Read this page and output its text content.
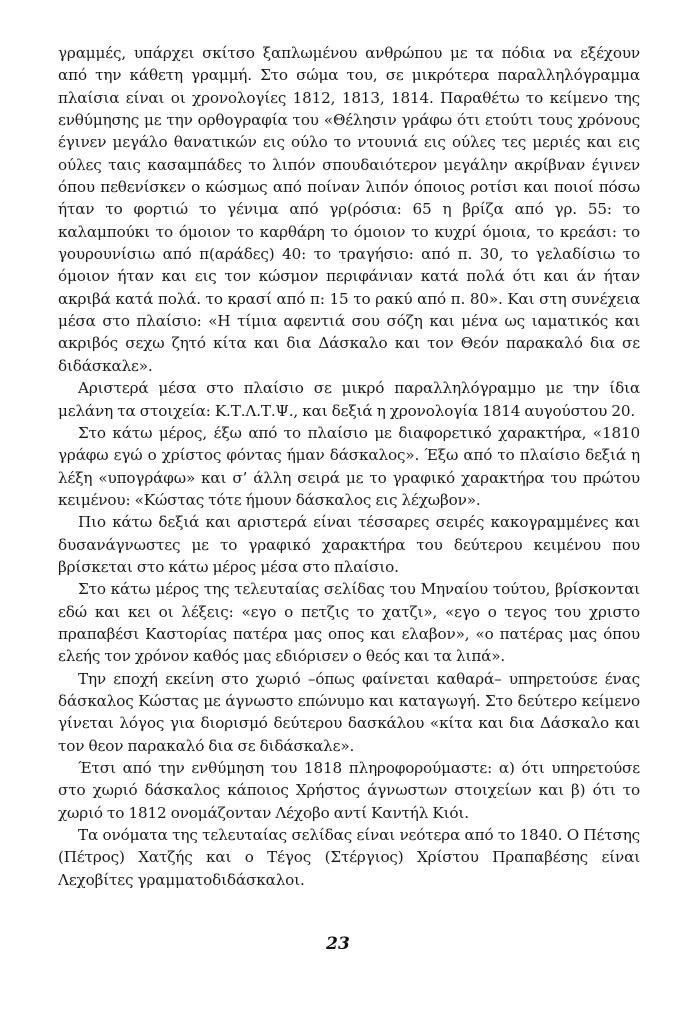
γραμμές, υπάρχει σκίτσο ξαπλωμένου ανθρώπου με τα πόδια να εξέχουν από την κάθετη γραμμή. Στο σώμα του, σε μικρότερα παραλληλόγραμμα πλαίσια είναι οι χρονολογίες 1812, 1813, 1814. Παραθέτω το κείμενο της ενθύμησης με την ορθογραφία του «Θέλησιν γράφω ότι ετούτι τους χρόνους έγινεν μεγάλο θανατικών εις ούλο το ντουνιά εις ούλες τες μεριές και εις ούλες ταις κασαμπάδες το λιπόν σπουδαιότερον μεγάλην ακρίβναν έγινεν όπου πεθενίσκεν ο κώσμως από ποίναν λιπόν όποιος ροτίσι και ποιοί πόσω ήταν το φορτιώ το γένιμα από γρ(ρόσια: 65 η βρίζα από γρ. 55: το καλαμπούκι το όμοιον το καρθάρη το όμοιον το κυχρί όμοια, το κρεάσι: το γουρουνίσιω από π(αράδες) 40: το τραγήσιο: από π. 30, το γελαδίσιω το όμοιον ήταν και εις τον κώσμον περιφάνιαν κατά πολά ότι και άν ήταν ακριβά κατά πολά. το κρασί από π: 15 το ρακύ από π. 80». Και στη συνέχεια μέσα στο πλαίσιο: «Η τίμια αφεντιά σου σόζη και μένα ως ιαματικός και ακριβός σεχω ζητό κίτα και δια Δάσκαλο και τον Θεόν παρακαλό δια σε διδάσκαλε».

Αριστερά μέσα στο πλαίσιο σε μικρό παραλληλόγραμμο με την ίδια μελάνη τα στοιχεία: Κ.Τ.Λ.Τ.Ψ., και δεξιά η χρονολογία 1814 αυγούστου 20.

Στο κάτω μέρος, έξω από το πλαίσιο με διαφορετικό χαρακτήρα, «1810 γράφω εγώ ο χρίστος φόντας ήμαν δάσκαλος». Έξω από το πλαίσιο δεξιά η λέξη «υπογράφω» και σ’ άλλη σειρά με το γραφικό χαρακτήρα του πρώτου κειμένου: «Κώστας τότε ήμουν δάσκαλος εις λέχωβον».

Πιο κάτω δεξιά και αριστερά είναι τέσσαρες σειρές κακογραμμένες και δυσανάγνωστες με το γραφικό χαρακτήρα του δεύτερου κειμένου που βρίσκεται στο κάτω μέρος μέσα στο πλαίσιο.

Στο κάτω μέρος της τελευταίας σελίδας του Μηναίου τούτου, βρίσκονται εδώ και κει οι λέξεις: «εγο ο πετζις το χατζι», «εγο ο τεγος του χριστο πραπαβέσι Καστορίας πατέρα μας οπος και ελαβον», «ο πατέρας μας όπου ελεής τον χρόνον καθός μας εδιόρισεν ο θεός και τα λιπά».

Την εποχή εκείνη στο χωριό –όπως φαίνεται καθαρά– υπηρετούσε ένας δάσκαλος Κώστας με άγνωστο επώνυμο και καταγωγή. Στο δεύτερο κείμενο γίνεται λόγος για διορισμό δεύτερου δασκάλου «κίτα και δια Δάσκαλο και τον θεον παρακαλό δια σε διδάσκαλε».

Έτσι από την ενθύμηση του 1818 πληροφορούμαστε: α) ότι υπηρετούσε στο χωριό δάσκαλος κάποιος Χρήστος άγνωστων στοιχείων και β) ότι το χωριό το 1812 ονομάζονταν Λέχοβο αντί Καντήλ Κιόι.

Τα ονόματα της τελευταίας σελίδας είναι νεότερα από το 1840. Ο Πέτσης (Πέτρος) Χατζής και ο Τέγος (Στέργιος) Χρίστου Πραπαβέσης είναι Λεχοβίτες γραμματοδιδάσκαλοι.

23
